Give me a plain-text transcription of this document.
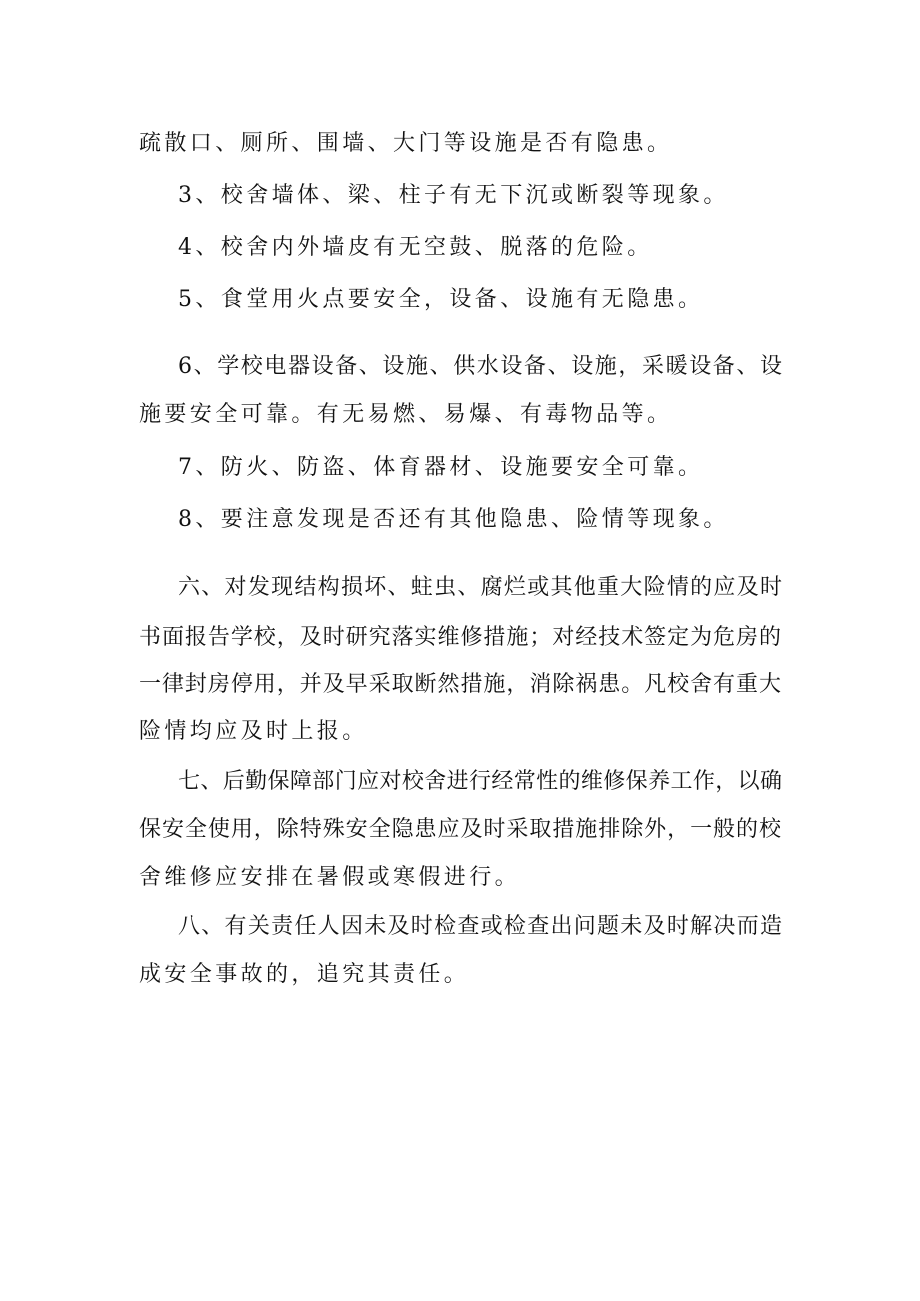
疏散口、厕所、围墙、大门等设施是否有隐患。
3、校舍墙体、梁、柱子有无下沉或断裂等现象。
4、校舍内外墙皮有无空鼓、脱落的危险。
5、食堂用火点要安全，设备、设施有无隐患。
6、学校电器设备、设施、供水设备、设施，采暖设备、设
施要安全可靠。有无易燃、易爆、有毒物品等。
7、防火、防盗、体育器材、设施要安全可靠。
8、要注意发现是否还有其他隐患、险情等现象。
六、对发现结构损坏、蛀虫、腐烂或其他重大险情的应及时
书面报告学校，及时研究落实维修措施；对经技术签定为危房的
一律封房停用，并及早采取断然措施，消除祸患。凡校舍有重大
险情均应及时上报。
七、后勤保障部门应对校舍进行经常性的维修保养工作，以确
保安全使用，除特殊安全隐患应及时采取措施排除外，一般的校
舍维修应安排在暑假或寒假进行。
八、有关责任人因未及时检查或检查出问题未及时解决而造
成安全事故的，追究其责任。
